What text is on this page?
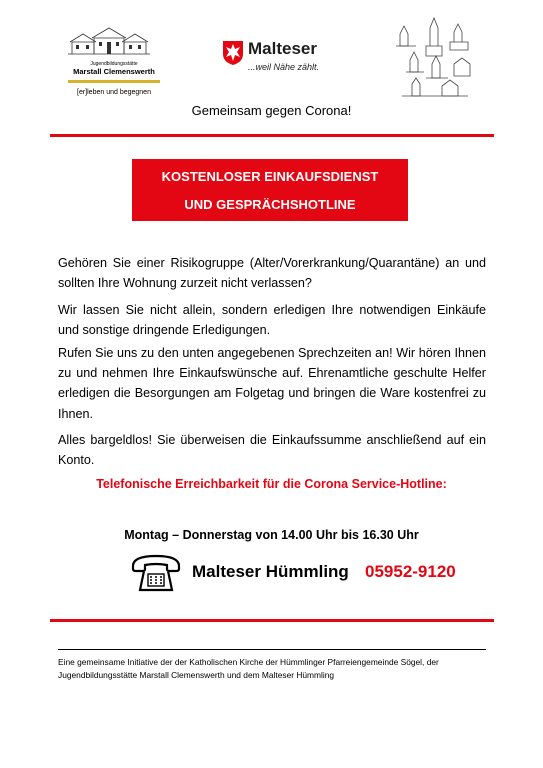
Jugendbildungsstätte
Marstall Clemenswerth
[er]leben und begegnen
Malteser
...weil Nähe zählt.
Gemeinsam gegen Corona!
KOSTENLOSER EINKAUFSDIENST
UND GESPRÄCHSHOTLINE
Gehören Sie einer Risikogruppe (Alter/Vorerkrankung/Quarantäne) an und sollten Ihre Wohnung zurzeit nicht verlassen?
Wir lassen Sie nicht allein, sondern erledigen Ihre notwendigen Einkäufe und sonstige dringende Erledigungen.
Rufen Sie uns zu den unten angegebenen Sprechzeiten an! Wir hören Ihnen zu und nehmen Ihre Einkaufswünsche auf. Ehrenamtliche geschulte Helfer erledigen die Besorgungen am Folgetag und bringen die Ware kostenfrei zu Ihnen.
Alles bargeldlos! Sie überweisen die Einkaufssumme anschließend auf ein Konto.
Telefonische Erreichbarkeit für die Corona Service-Hotline:
Montag – Donnerstag von 14.00 Uhr bis 16.30 Uhr
Malteser Hümmling 05952-9120
Eine gemeinsame Initiative der der Katholischen Kirche der Hümmlinger Pfarreiengemeinde Sögel, der Jugendbildungsstätte Marstall Clemenswerth und dem Malteser Hümmling
